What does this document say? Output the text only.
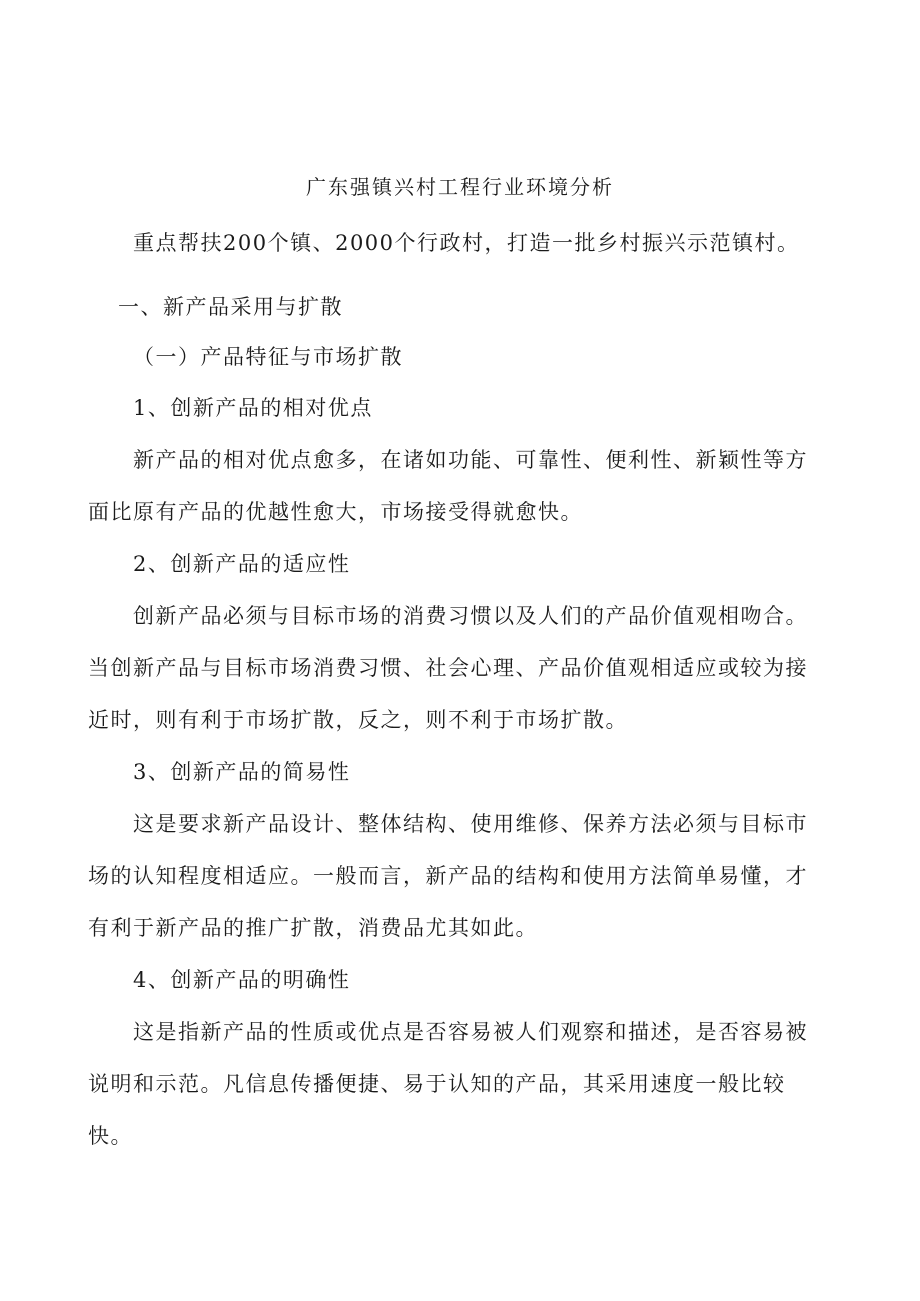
广东强镇兴村工程行业环境分析
重点帮扶200个镇、2000个行政村，打造一批乡村振兴示范镇村。
一、新产品采用与扩散
（一）产品特征与市场扩散
1、创新产品的相对优点
新产品的相对优点愈多，在诸如功能、可靠性、便利性、新颖性等方
面比原有产品的优越性愈大，市场接受得就愈快。
2、创新产品的适应性
创新产品必须与目标市场的消费习惯以及人们的产品价值观相吻合。
当创新产品与目标市场消费习惯、社会心理、产品价值观相适应或较为接
近时，则有利于市场扩散，反之，则不利于市场扩散。
3、创新产品的简易性
这是要求新产品设计、整体结构、使用维修、保养方法必须与目标市
场的认知程度相适应。一般而言，新产品的结构和使用方法简单易懂，才
有利于新产品的推广扩散，消费品尤其如此。
4、创新产品的明确性
这是指新产品的性质或优点是否容易被人们观察和描述，是否容易被
说明和示范。凡信息传播便捷、易于认知的产品，其采用速度一般比较
快。
